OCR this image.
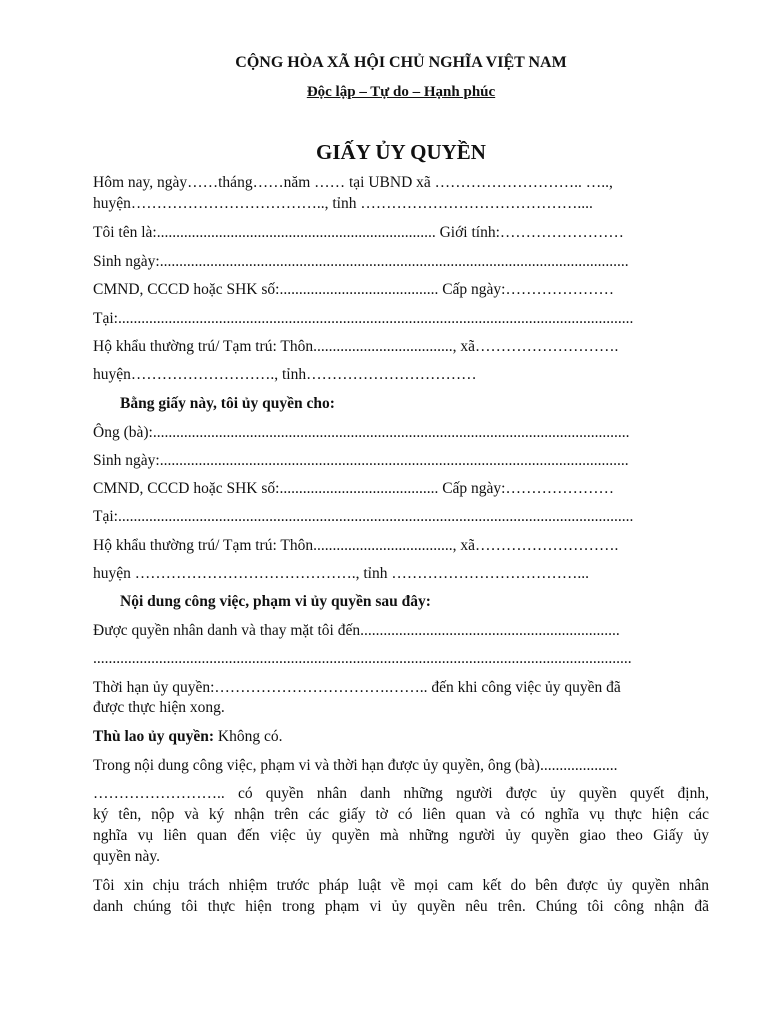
CỘNG HÒA XÃ HỘI CHỦ NGHĨA VIỆT NAM
Độc lập – Tự do – Hạnh phúc
GIẤY ỦY QUYỀN
Hôm nay, ngày……tháng……năm …… tại UBND xã ……………………….. …..,
huyện……………………………….., tỉnh ……………………………………....
Tôi tên là:........................................................................ Giới tính:……………………
Sinh ngày:.........................................................................................................................
CMND, CCCD hoặc SHK số:......................................... Cấp ngày:…………………
Tại:.....................................................................................................................................
Hộ khẩu thường trú/ Tạm trú: Thôn...................................., xã……………………….
huyện………………………., tỉnh……………………………
Bằng giấy này, tôi ủy quyền cho:
Ông (bà):...........................................................................................................................
Sinh ngày:.........................................................................................................................
CMND, CCCD hoặc SHK số:......................................... Cấp ngày:…………………
Tại:.....................................................................................................................................
Hộ khẩu thường trú/ Tạm trú: Thôn...................................., xã……………………….
huyện ……………………………………., tỉnh ………………………………...
Nội dung công việc, phạm vi ủy quyền sau đây:
Được quyền nhân danh và thay mặt tôi đến...................................................................
...........................................................................................................................................
Thời hạn ủy quyền:…………………………….…….. đến khi công việc ủy quyền đã
được thực hiện xong.
Thù lao ủy quyền: Không có.
Trong nội dung công việc, phạm vi và thời hạn được ủy quyền, ông (bà)....................
…………………….. có quyền nhân danh những người được ủy quyền quyết định,
ký tên, nộp và ký nhận trên các giấy tờ có liên quan và có nghĩa vụ thực hiện các
nghĩa vụ liên quan đến việc ủy quyền mà những người ủy quyền giao theo Giấy ủy
quyền này.
Tôi xin chịu trách nhiệm trước pháp luật về mọi cam kết do bên được ủy quyền nhân
danh chúng tôi thực hiện trong phạm vi ủy quyền nêu trên. Chúng tôi công nhận đã
